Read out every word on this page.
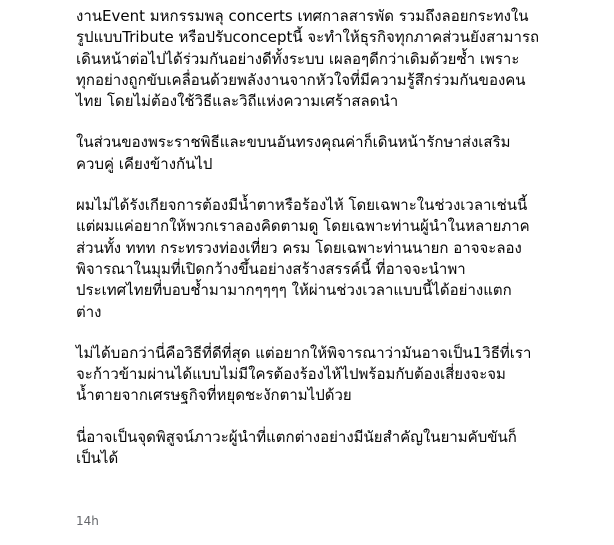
งานEvent มหกรรมพลุ concerts เทศกาลสารพัด รวมถึงลอยกระทงใน
รูปแบบTribute หรือปรับconceptนี้ จะทำให้ธุรกิจทุกภาคส่วนยังสามารถ
เดินหน้าต่อไปได้ร่วมกันอย่างดีทั้งระบบ เผลอๆดีกว่าเดิมด้วยซ้ำ เพราะ
ทุกอย่างถูกขับเคลื่อนด้วยพลังงานจากหัวใจที่มีความรู้สึกร่วมกันของคน
ไทย โดยไม่ต้องใช้วิธีและวิถีแห่งความเศร้าสลดนำ

ในส่วนของพระราชพิธีและขบนอันทรงคุณค่าก็เดินหน้ารักษาส่งเสริม
ควบคู่ เคียงข้างกันไป

ผมไม่ได้รังเกียจการต้องมีน้ำตาหรือร้องไห้ โดยเฉพาะในช่วงเวลาเช่นนี้
แต่ผมแค่อยากให้พวกเราลองคิดตามดู โดยเฉพาะท่านผู้นำในหลายภาค
ส่วนทั้ง ททท กระทรวงท่องเที่ยว ครม โดยเฉพาะท่านนายก อาจจะลอง
พิจารณาในมุมที่เปิดกว้างขึ้นอย่างสร้างสรรค์นี้ ที่อาจจะนำพา
ประเทศไทยที่บอบช้ำมามากๆๆๆๆ ให้ผ่านช่วงเวลาแบบนี้ได้อย่างแตก
ต่าง

ไม่ได้บอกว่านี่คือวิธีที่ดีที่สุด แต่อยากให้พิจารณาว่ามันอาจเป็น1วิธีที่เรา
จะก้าวข้ามผ่านได้แบบไม่มีใครต้องร้องไห้ไปพร้อมกับต้องเสี่ยงจะจม
น้ำตายจากเศรษฐกิจที่หยุดชะงักตามไปด้วย

นี่อาจเป็นจุดพิสูจน์ภาวะผู้นำที่แตกต่างอย่างมีนัยสำคัญในยามคับขันก็
เป็นได้

14h
